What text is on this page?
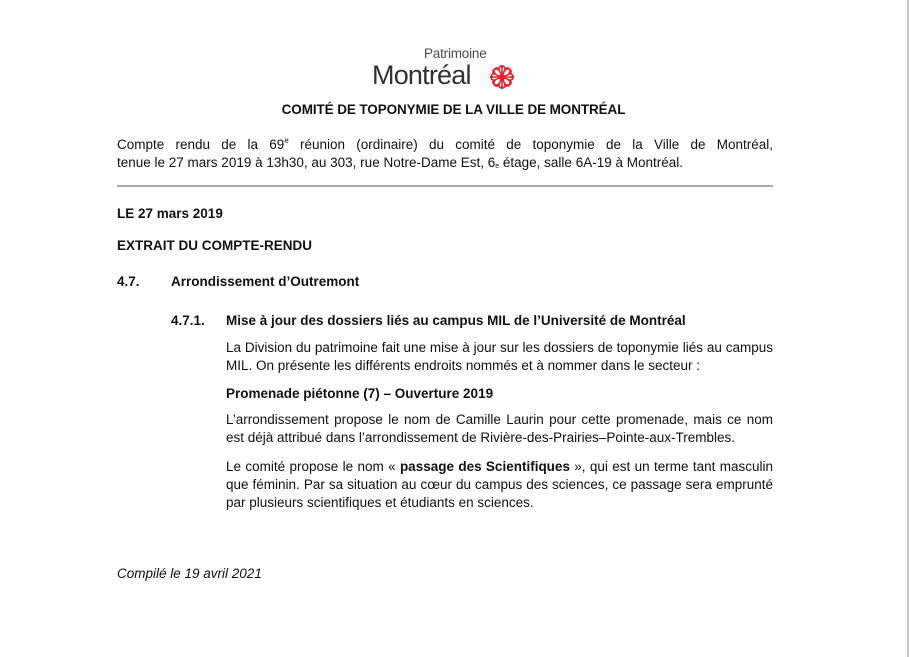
Patrimoine
Montréal
COMITÉ DE TOPONYMIE DE LA VILLE DE MONTRÉAL
Compte rendu de la 69e réunion (ordinaire) du comité de toponymie de la Ville de Montréal,
tenue le 27 mars 2019 à 13h30, au 303, rue Notre-Dame Est, $6_e$ étage, salle 6A-19 à Montréal.
LE 27 mars 2019
EXTRAIT DU COMPTE-RENDU
4.7. Arrondissement d’Outremont
4.7.1. Mise à jour des dossiers liés au campus MIL de l’Université de Montréal
La Division du patrimoine fait une mise à jour sur les dossiers de toponymie liés au campus MIL. On présente les différents endroits nommés et à nommer dans le secteur :
Promenade piétonne (7) – Ouverture 2019
L’arrondissement propose le nom de Camille Laurin pour cette promenade, mais ce nom est déjà attribué dans l’arrondissement de Rivière-des-Prairies–Pointe-aux-Trembles.
Le comité propose le nom « passage des Scientifiques », qui est un terme tant masculin que féminin. Par sa situation au cœur du campus des sciences, ce passage sera emprunté par plusieurs scientifiques et étudiants en sciences.
Compilé le 19 avril 2021
